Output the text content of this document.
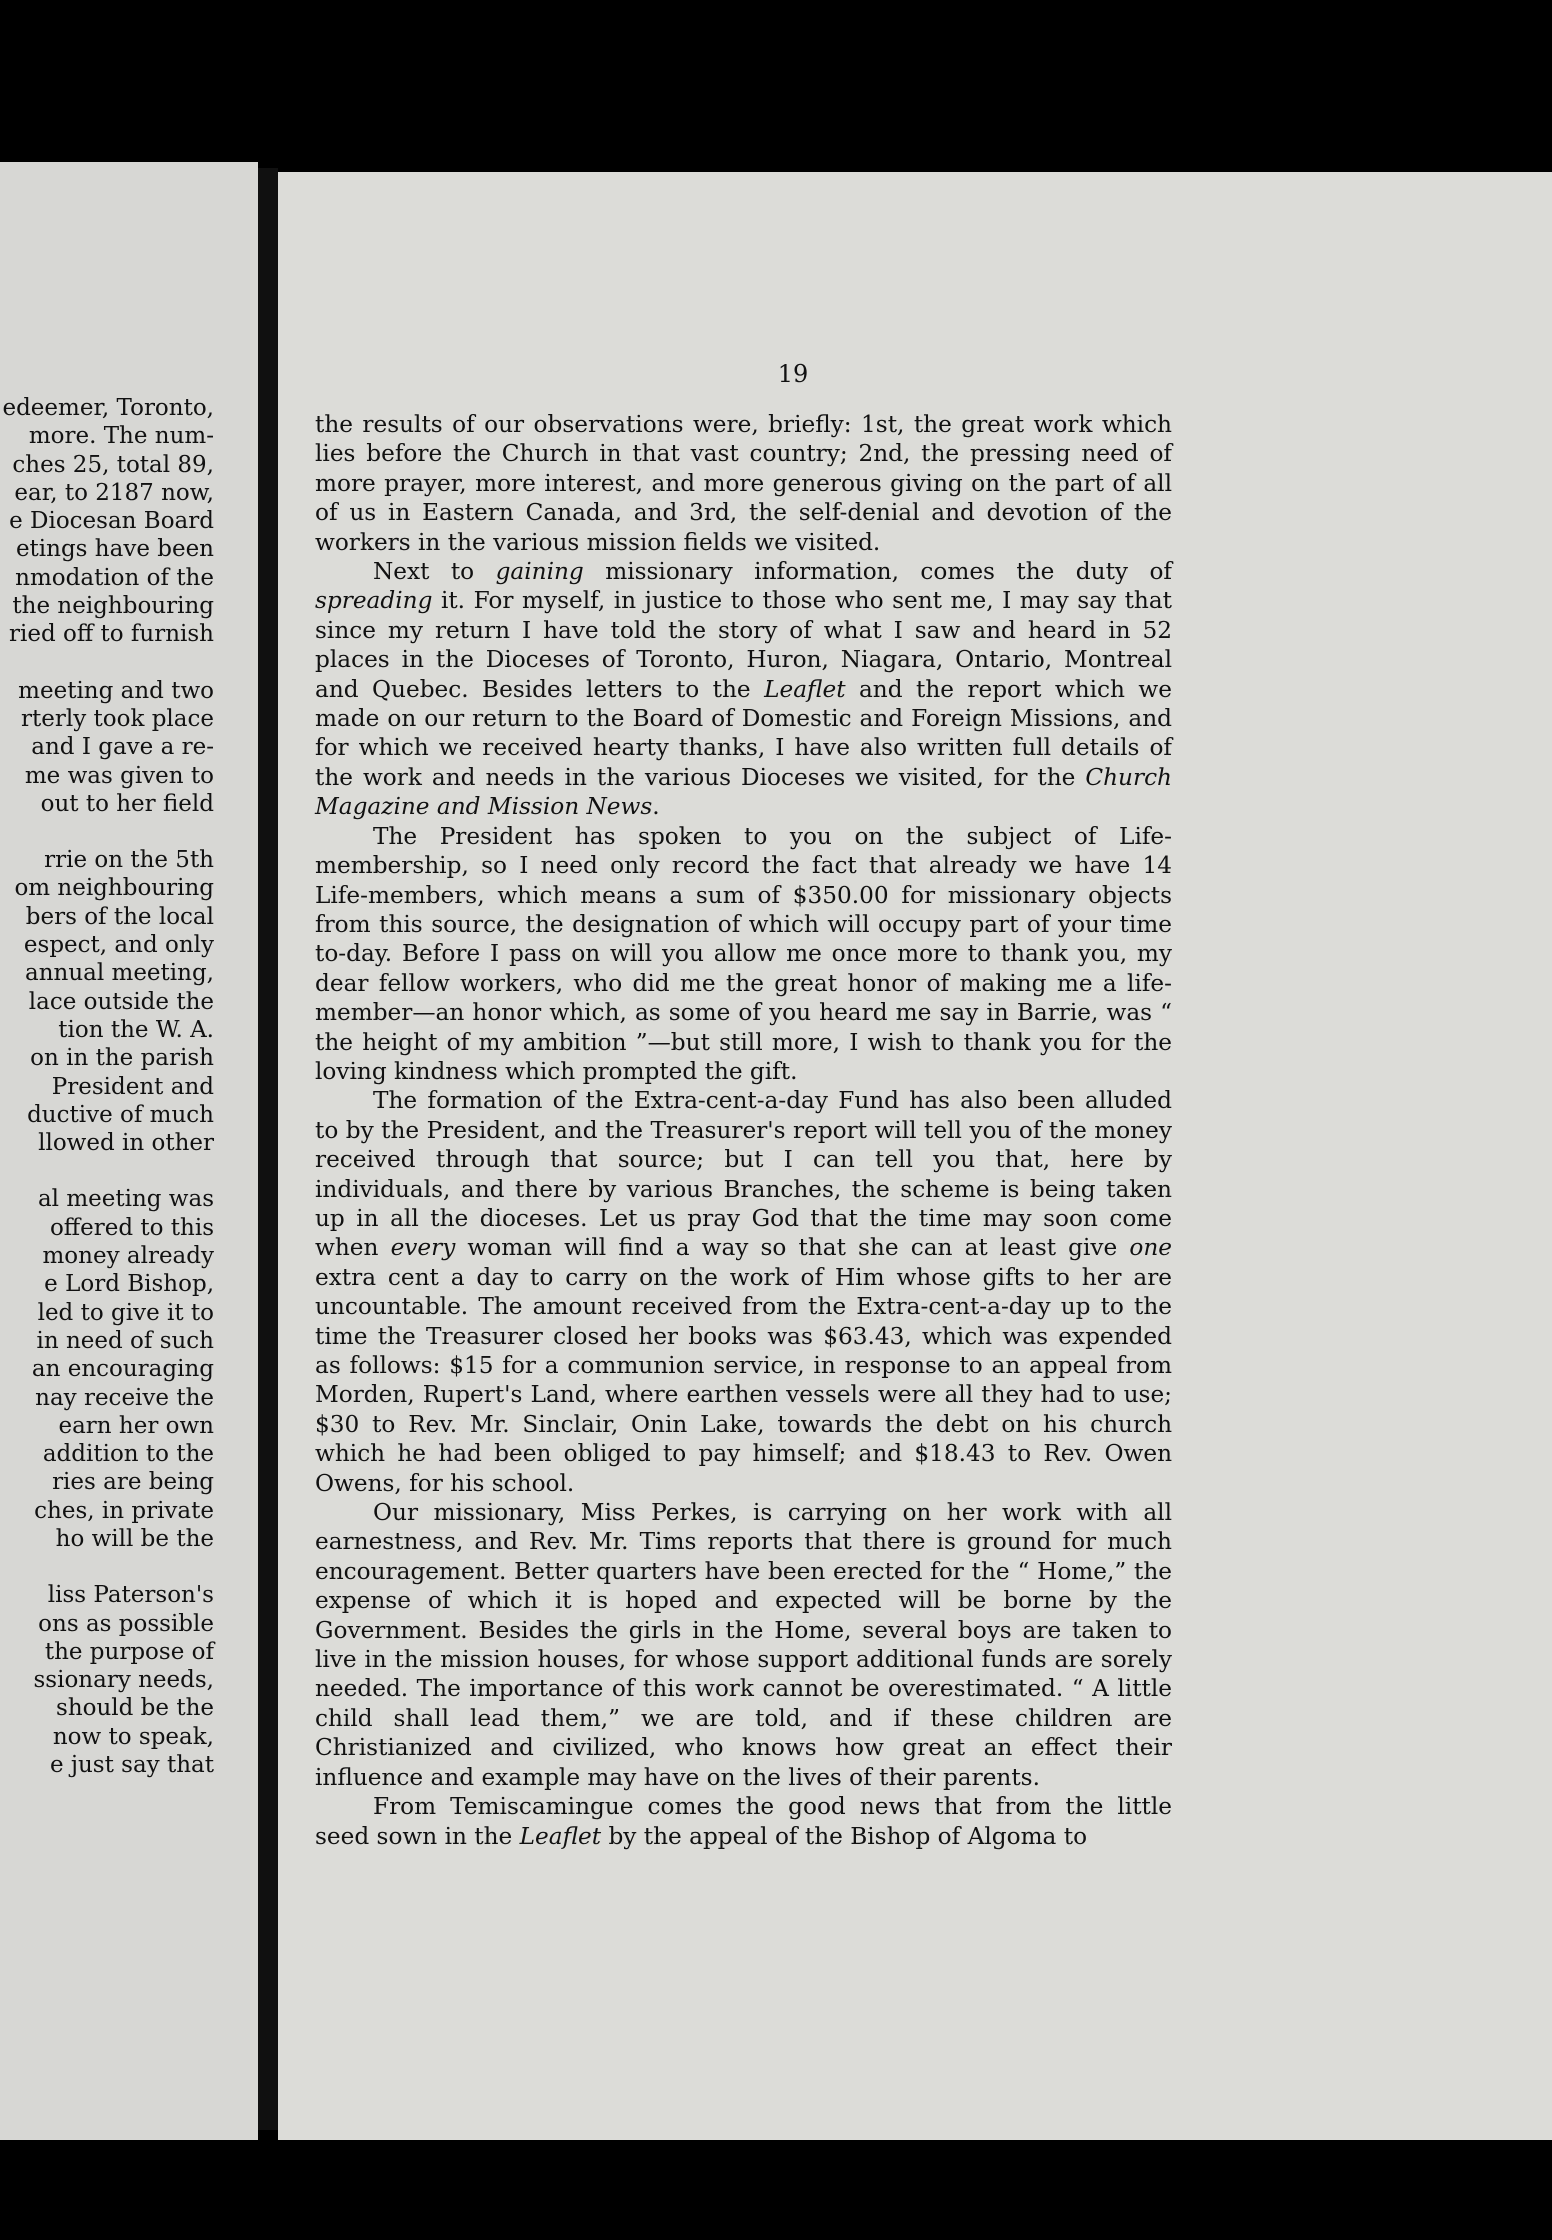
edeemer, Toronto,
more. The num-
ches 25, total 89,
ear, to 2187 now,
e Diocesan Board
etings have been
nmodation of the
the neighbouring
ried off to furnish
meeting and two
rterly took place
and I gave a re-
me was given to
out to her field
rrie on the 5th
om neighbouring
bers of the local
espect, and only
annual meeting,
lace outside the
tion the W. A.
on in the parish
President and
ductive of much
llowed in other
al meeting was
offered to this
money already
e Lord Bishop,
led to give it to
in need of such
an encouraging
nay receive the
earn her own
addition to the
ries are being
ches, in private
ho will be the
liss Paterson's
ons as possible
the purpose of
ssionary needs,
should be the
now to speak,
e just say that
19

the results of our observations were, briefly: 1st, the great work which lies before the Church in that vast country; 2nd, the pressing need of more prayer, more interest, and more generous giving on the part of all of us in Eastern Canada, and 3rd, the self-denial and devotion of the workers in the various mission fields we visited.

Next to gaining missionary information, comes the duty of spreading it. For myself, in justice to those who sent me, I may say that since my return I have told the story of what I saw and heard in 52 places in the Dioceses of Toronto, Huron, Niagara, Ontario, Montreal and Quebec. Besides letters to the Leaflet and the report which we made on our return to the Board of Domestic and Foreign Missions, and for which we received hearty thanks, I have also written full details of the work and needs in the various Dioceses we visited, for the Church Magazine and Mission News.

The President has spoken to you on the subject of Life-membership, so I need only record the fact that already we have 14 Life-members, which means a sum of $350.00 for missionary objects from this source, the designation of which will occupy part of your time to-day. Before I pass on will you allow me once more to thank you, my dear fellow workers, who did me the great honor of making me a life-member—an honor which, as some of you heard me say in Barrie, was “ the height of my ambition ”—but still more, I wish to thank you for the loving kindness which prompted the gift.

The formation of the Extra-cent-a-day Fund has also been alluded to by the President, and the Treasurer's report will tell you of the money received through that source; but I can tell you that, here by individuals, and there by various Branches, the scheme is being taken up in all the dioceses. Let us pray God that the time may soon come when every woman will find a way so that she can at least give one extra cent a day to carry on the work of Him whose gifts to her are uncountable. The amount received from the Extra-cent-a-day up to the time the Treasurer closed her books was $63.43, which was expended as follows: $15 for a communion service, in response to an appeal from Morden, Rupert's Land, where earthen vessels were all they had to use; $30 to Rev. Mr. Sinclair, Onin Lake, towards the debt on his church which he had been obliged to pay himself; and $18.43 to Rev. Owen Owens, for his school.

Our missionary, Miss Perkes, is carrying on her work with all earnestness, and Rev. Mr. Tims reports that there is ground for much encouragement. Better quarters have been erected for the “ Home,” the expense of which it is hoped and expected will be borne by the Government. Besides the girls in the Home, several boys are taken to live in the mission houses, for whose support additional funds are sorely needed. The importance of this work cannot be overestimated. “ A little child shall lead them,” we are told, and if these children are Christianized and civilized, who knows how great an effect their influence and example may have on the lives of their parents.

From Temiscamingue comes the good news that from the little seed sown in the Leaflet by the appeal of the Bishop of Algoma to
